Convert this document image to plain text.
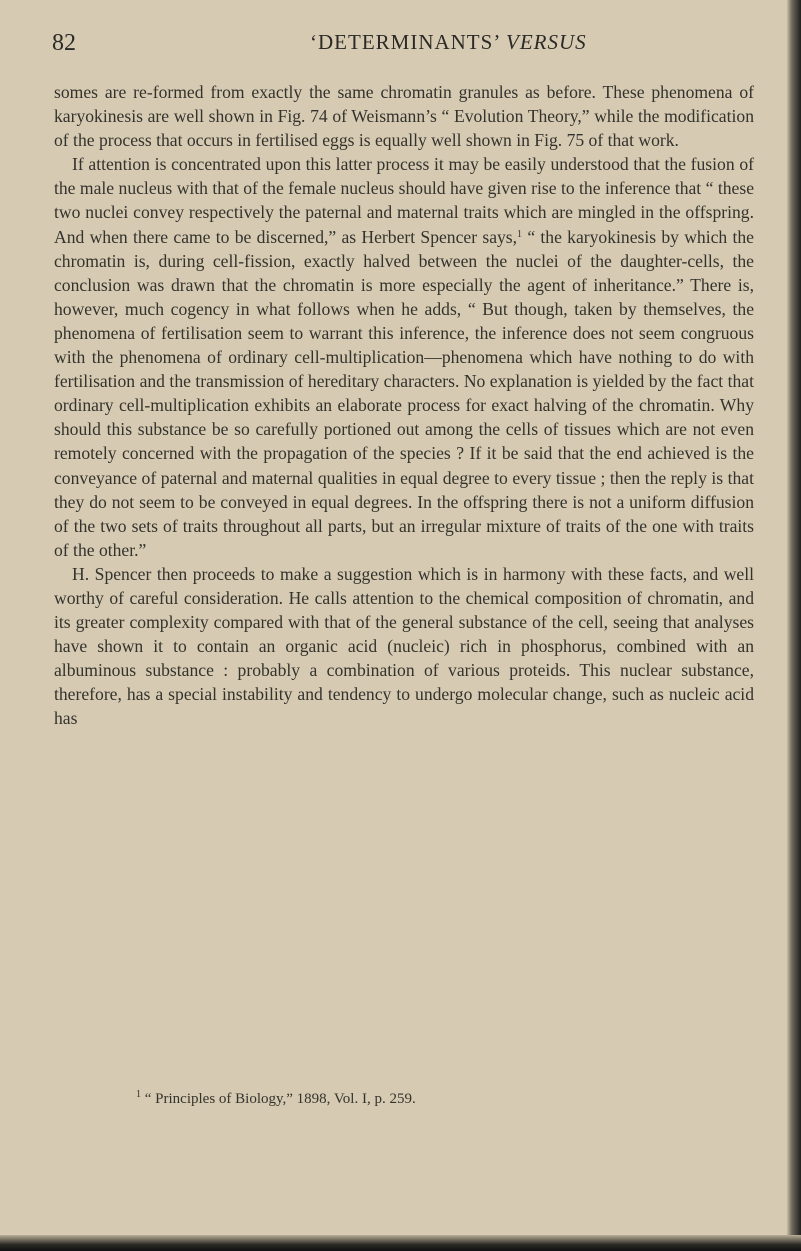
82	‘DETERMINANTS’ VERSUS

somes are re-formed from exactly the same chromatin granules as before. These phenomena of karyokinesis are well shown in Fig. 74 of Weismann’s “ Evolution Theory,” while the modification of the process that occurs in fertilised eggs is equally well shown in Fig. 75 of that work.

If attention is concentrated upon this latter process it may be easily understood that the fusion of the male nucleus with that of the female nucleus should have given rise to the inference that “ these two nuclei convey respectively the paternal and maternal traits which are mingled in the offspring. And when there came to be discerned,” as Herbert Spencer says,$^1$ “ the karyokinesis by which the chromatin is, during cell-fission, exactly halved between the nuclei of the daughter-cells, the conclusion was drawn that the chromatin is more especially the agent of inheritance.” There is, however, much cogency in what follows when he adds, “ But though, taken by themselves, the phenomena of fertilisation seem to warrant this inference, the inference does not seem congruous with the phenomena of ordinary cell-multiplication—phenomena which have nothing to do with fertilisation and the transmission of hereditary characters. No explanation is yielded by the fact that ordinary cell-multiplication exhibits an elaborate process for exact halving of the chromatin. Why should this substance be so carefully portioned out among the cells of tissues which are not even remotely concerned with the propagation of the species ? If it be said that the end achieved is the conveyance of paternal and maternal qualities in equal degree to every tissue ; then the reply is that they do not seem to be conveyed in equal degrees. In the offspring there is not a uniform diffusion of the two sets of traits throughout all parts, but an irregular mixture of traits of the one with traits of the other.”

H. Spencer then proceeds to make a suggestion which is in harmony with these facts, and well worthy of careful consideration. He calls attention to the chemical composition of chromatin, and its greater complexity compared with that of the general substance of the cell, seeing that analyses have shown it to contain an organic acid (nucleic) rich in phosphorus, combined with an albuminous substance : probably a combination of various proteids. This nuclear substance, therefore, has a special instability and tendency to undergo molecular change, such as nucleic acid has

$^1$ “ Principles of Biology,” 1898, Vol. I, p. 259.
